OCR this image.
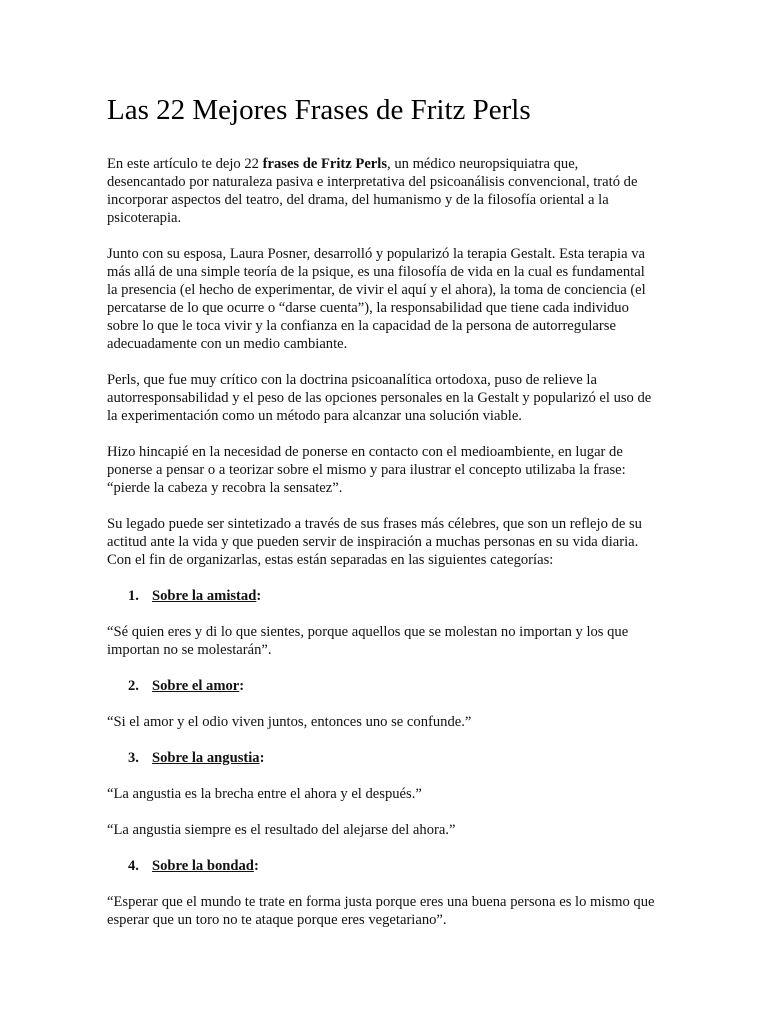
Las 22 Mejores Frases de Fritz Perls

En este artículo te dejo 22 frases de Fritz Perls, un médico neuropsiquiatra que, desencantado por naturaleza pasiva e interpretativa del psicoanálisis convencional, trató de incorporar aspectos del teatro, del drama, del humanismo y de la filosofía oriental a la psicoterapia.

Junto con su esposa, Laura Posner, desarrolló y popularizó la terapia Gestalt. Esta terapia va más allá de una simple teoría de la psique, es una filosofía de vida en la cual es fundamental la presencia (el hecho de experimentar, de vivir el aquí y el ahora), la toma de conciencia (el percatarse de lo que ocurre o “darse cuenta”), la responsabilidad que tiene cada individuo sobre lo que le toca vivir y la confianza en la capacidad de la persona de autorregularse adecuadamente con un medio cambiante.

Perls, que fue muy crítico con la doctrina psicoanalítica ortodoxa, puso de relieve la autorresponsabilidad y el peso de las opciones personales en la Gestalt y popularizó el uso de la experimentación como un método para alcanzar una solución viable.

Hizo hincapié en la necesidad de ponerse en contacto con el medioambiente, en lugar de ponerse a pensar o a teorizar sobre el mismo y para ilustrar el concepto utilizaba la frase: “pierde la cabeza y recobra la sensatez”.

Su legado puede ser sintetizado a través de sus frases más célebres, que son un reflejo de su actitud ante la vida y que pueden servir de inspiración a muchas personas en su vida diaria. Con el fin de organizarlas, estas están separadas en las siguientes categorías:

1. Sobre la amistad:

“Sé quien eres y di lo que sientes, porque aquellos que se molestan no importan y los que importan no se molestarán”.

2. Sobre el amor:

“Si el amor y el odio viven juntos, entonces uno se confunde.”

3. Sobre la angustia:

“La angustia es la brecha entre el ahora y el después.”

“La angustia siempre es el resultado del alejarse del ahora.”

4. Sobre la bondad:

“Esperar que el mundo te trate en forma justa porque eres una buena persona es lo mismo que esperar que un toro no te ataque porque eres vegetariano”.
